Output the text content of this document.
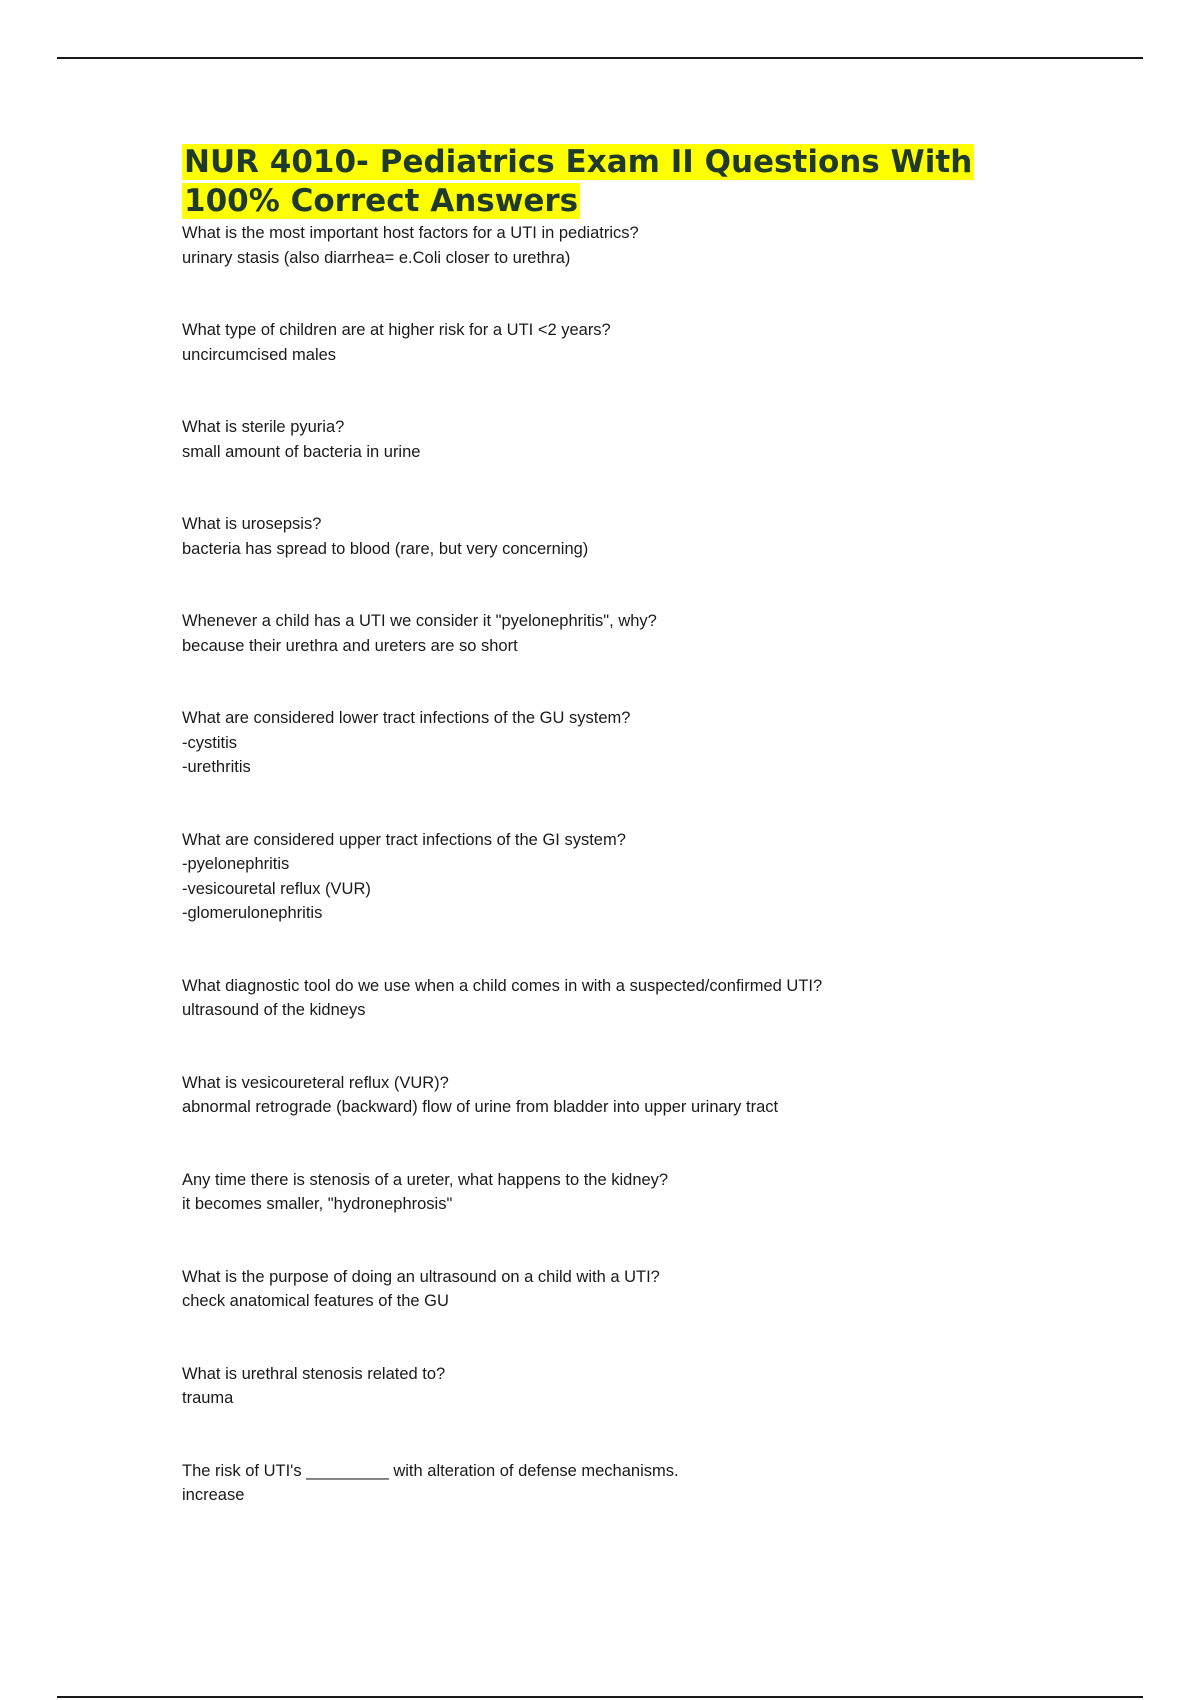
NUR 4010- Pediatrics Exam II Questions With
100% Correct Answers
What is the most important host factors for a UTI in pediatrics?
urinary stasis (also diarrhea= e.Coli closer to urethra)
What type of children are at higher risk for a UTI <2 years?
uncircumcised males
What is sterile pyuria?
small amount of bacteria in urine
What is urosepsis?
bacteria has spread to blood (rare, but very concerning)
Whenever a child has a UTI we consider it "pyelonephritis", why?
because their urethra and ureters are so short
What are considered lower tract infections of the GU system?
-cystitis
-urethritis
What are considered upper tract infections of the GI system?
-pyelonephritis
-vesicouretal reflux (VUR)
-glomerulonephritis
What diagnostic tool do we use when a child comes in with a suspected/confirmed UTI?
ultrasound of the kidneys
What is vesicoureteral reflux (VUR)?
abnormal retrograde (backward) flow of urine from bladder into upper urinary tract
Any time there is stenosis of a ureter, what happens to the kidney?
it becomes smaller, "hydronephrosis"
What is the purpose of doing an ultrasound on a child with a UTI?
check anatomical features of the GU
What is urethral stenosis related to?
trauma
The risk of UTI's _________ with alteration of defense mechanisms.
increase
